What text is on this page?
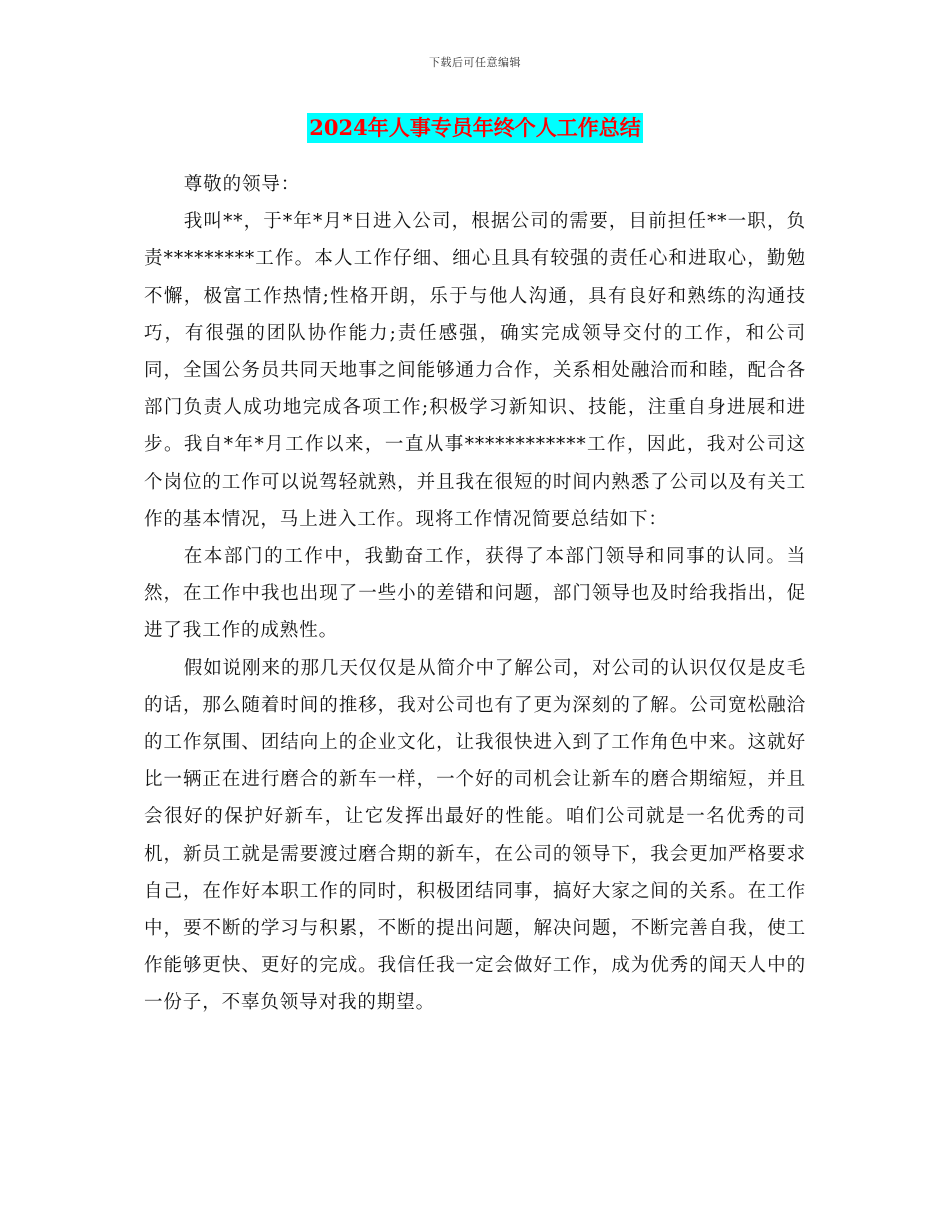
下载后可任意编辑
2024年人事专员年终个人工作总结

尊敬的领导：

我叫**，于*年*月*日进入公司，根据公司的需要，目前担任**一职，负责*********工作。本人工作仔细、细心且具有较强的责任心和进取心，勤勉不懈，极富工作热情;性格开朗，乐于与他人沟通，具有良好和熟练的沟通技巧，有很强的团队协作能力;责任感强，确实完成领导交付的工作，和公司同，全国公务员共同天地事之间能够通力合作，关系相处融洽而和睦，配合各部门负责人成功地完成各项工作;积极学习新知识、技能，注重自身进展和进步。我自*年*月工作以来，一直从事************工作，因此，我对公司这个岗位的工作可以说驾轻就熟，并且我在很短的时间内熟悉了公司以及有关工作的基本情况，马上进入工作。现将工作情况简要总结如下：

在本部门的工作中，我勤奋工作，获得了本部门领导和同事的认同。当然，在工作中我也出现了一些小的差错和问题，部门领导也及时给我指出，促进了我工作的成熟性。

假如说刚来的那几天仅仅是从简介中了解公司，对公司的认识仅仅是皮毛的话，那么随着时间的推移，我对公司也有了更为深刻的了解。公司宽松融洽的工作氛围、团结向上的企业文化，让我很快进入到了工作角色中来。这就好比一辆正在进行磨合的新车一样，一个好的司机会让新车的磨合期缩短，并且会很好的保护好新车，让它发挥出最好的性能。咱们公司就是一名优秀的司机，新员工就是需要渡过磨合期的新车，在公司的领导下，我会更加严格要求自己，在作好本职工作的同时，积极团结同事，搞好大家之间的关系。在工作中，要不断的学习与积累，不断的提出问题，解决问题，不断完善自我，使工作能够更快、更好的完成。我信任我一定会做好工作，成为优秀的闻天人中的一份子，不辜负领导对我的期望。
